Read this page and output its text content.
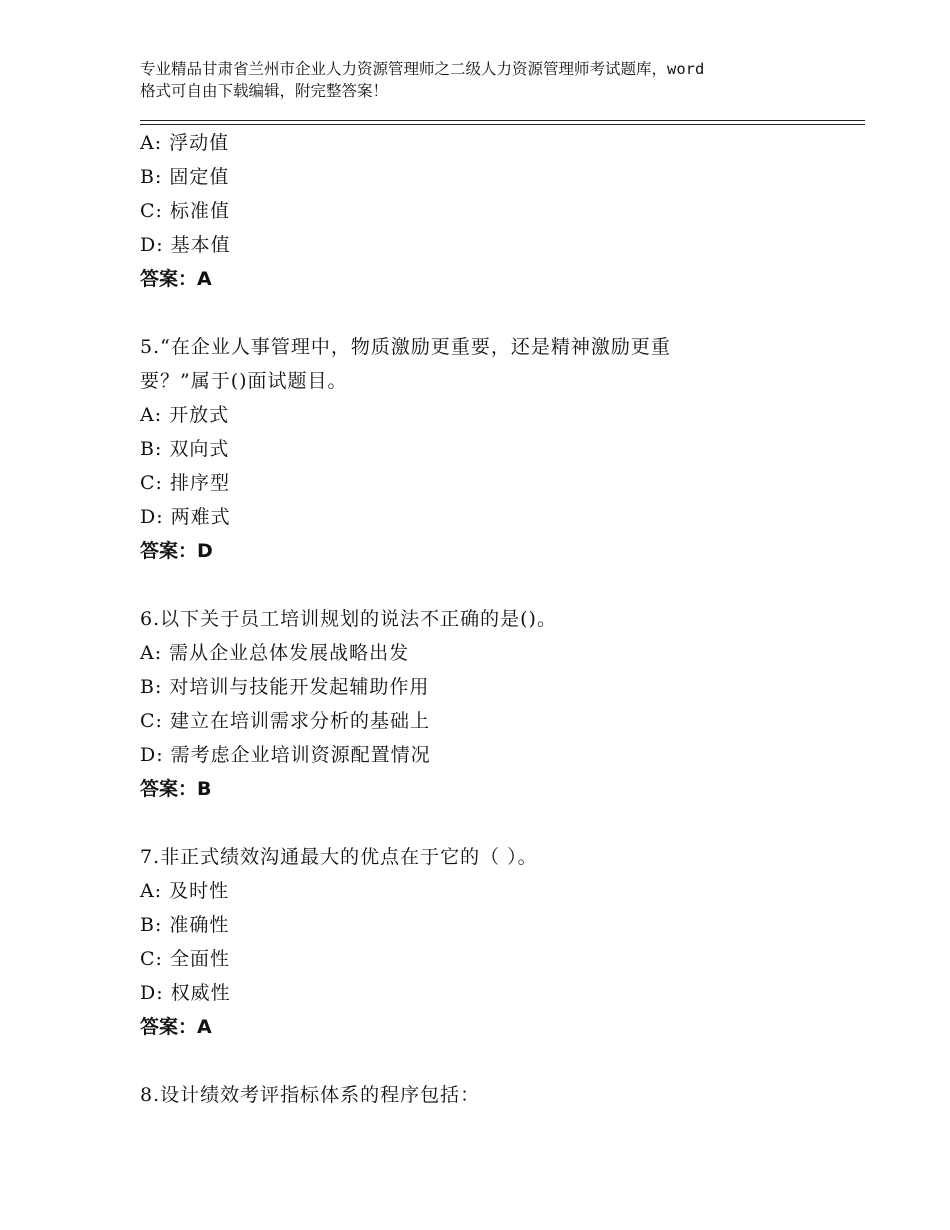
专业精品甘肃省兰州市企业人力资源管理师之二级人力资源管理师考试题库，word
格式可自由下载编辑，附完整答案！
A: 浮动值
B: 固定值
C: 标准值
D: 基本值
答案：A
5.“在企业人事管理中，物质激励更重要，还是精神激励更重
要？”属于()面试题目。
A: 开放式
B: 双向式
C: 排序型
D: 两难式
答案：D
6.以下关于员工培训规划的说法不正确的是()。
A: 需从企业总体发展战略出发
B: 对培训与技能开发起辅助作用
C: 建立在培训需求分析的基础上
D: 需考虑企业培训资源配置情况
答案：B
7.非正式绩效沟通最大的优点在于它的（ ）。
A: 及时性
B: 准确性
C: 全面性
D: 权威性
答案：A
8.设计绩效考评指标体系的程序包括：
